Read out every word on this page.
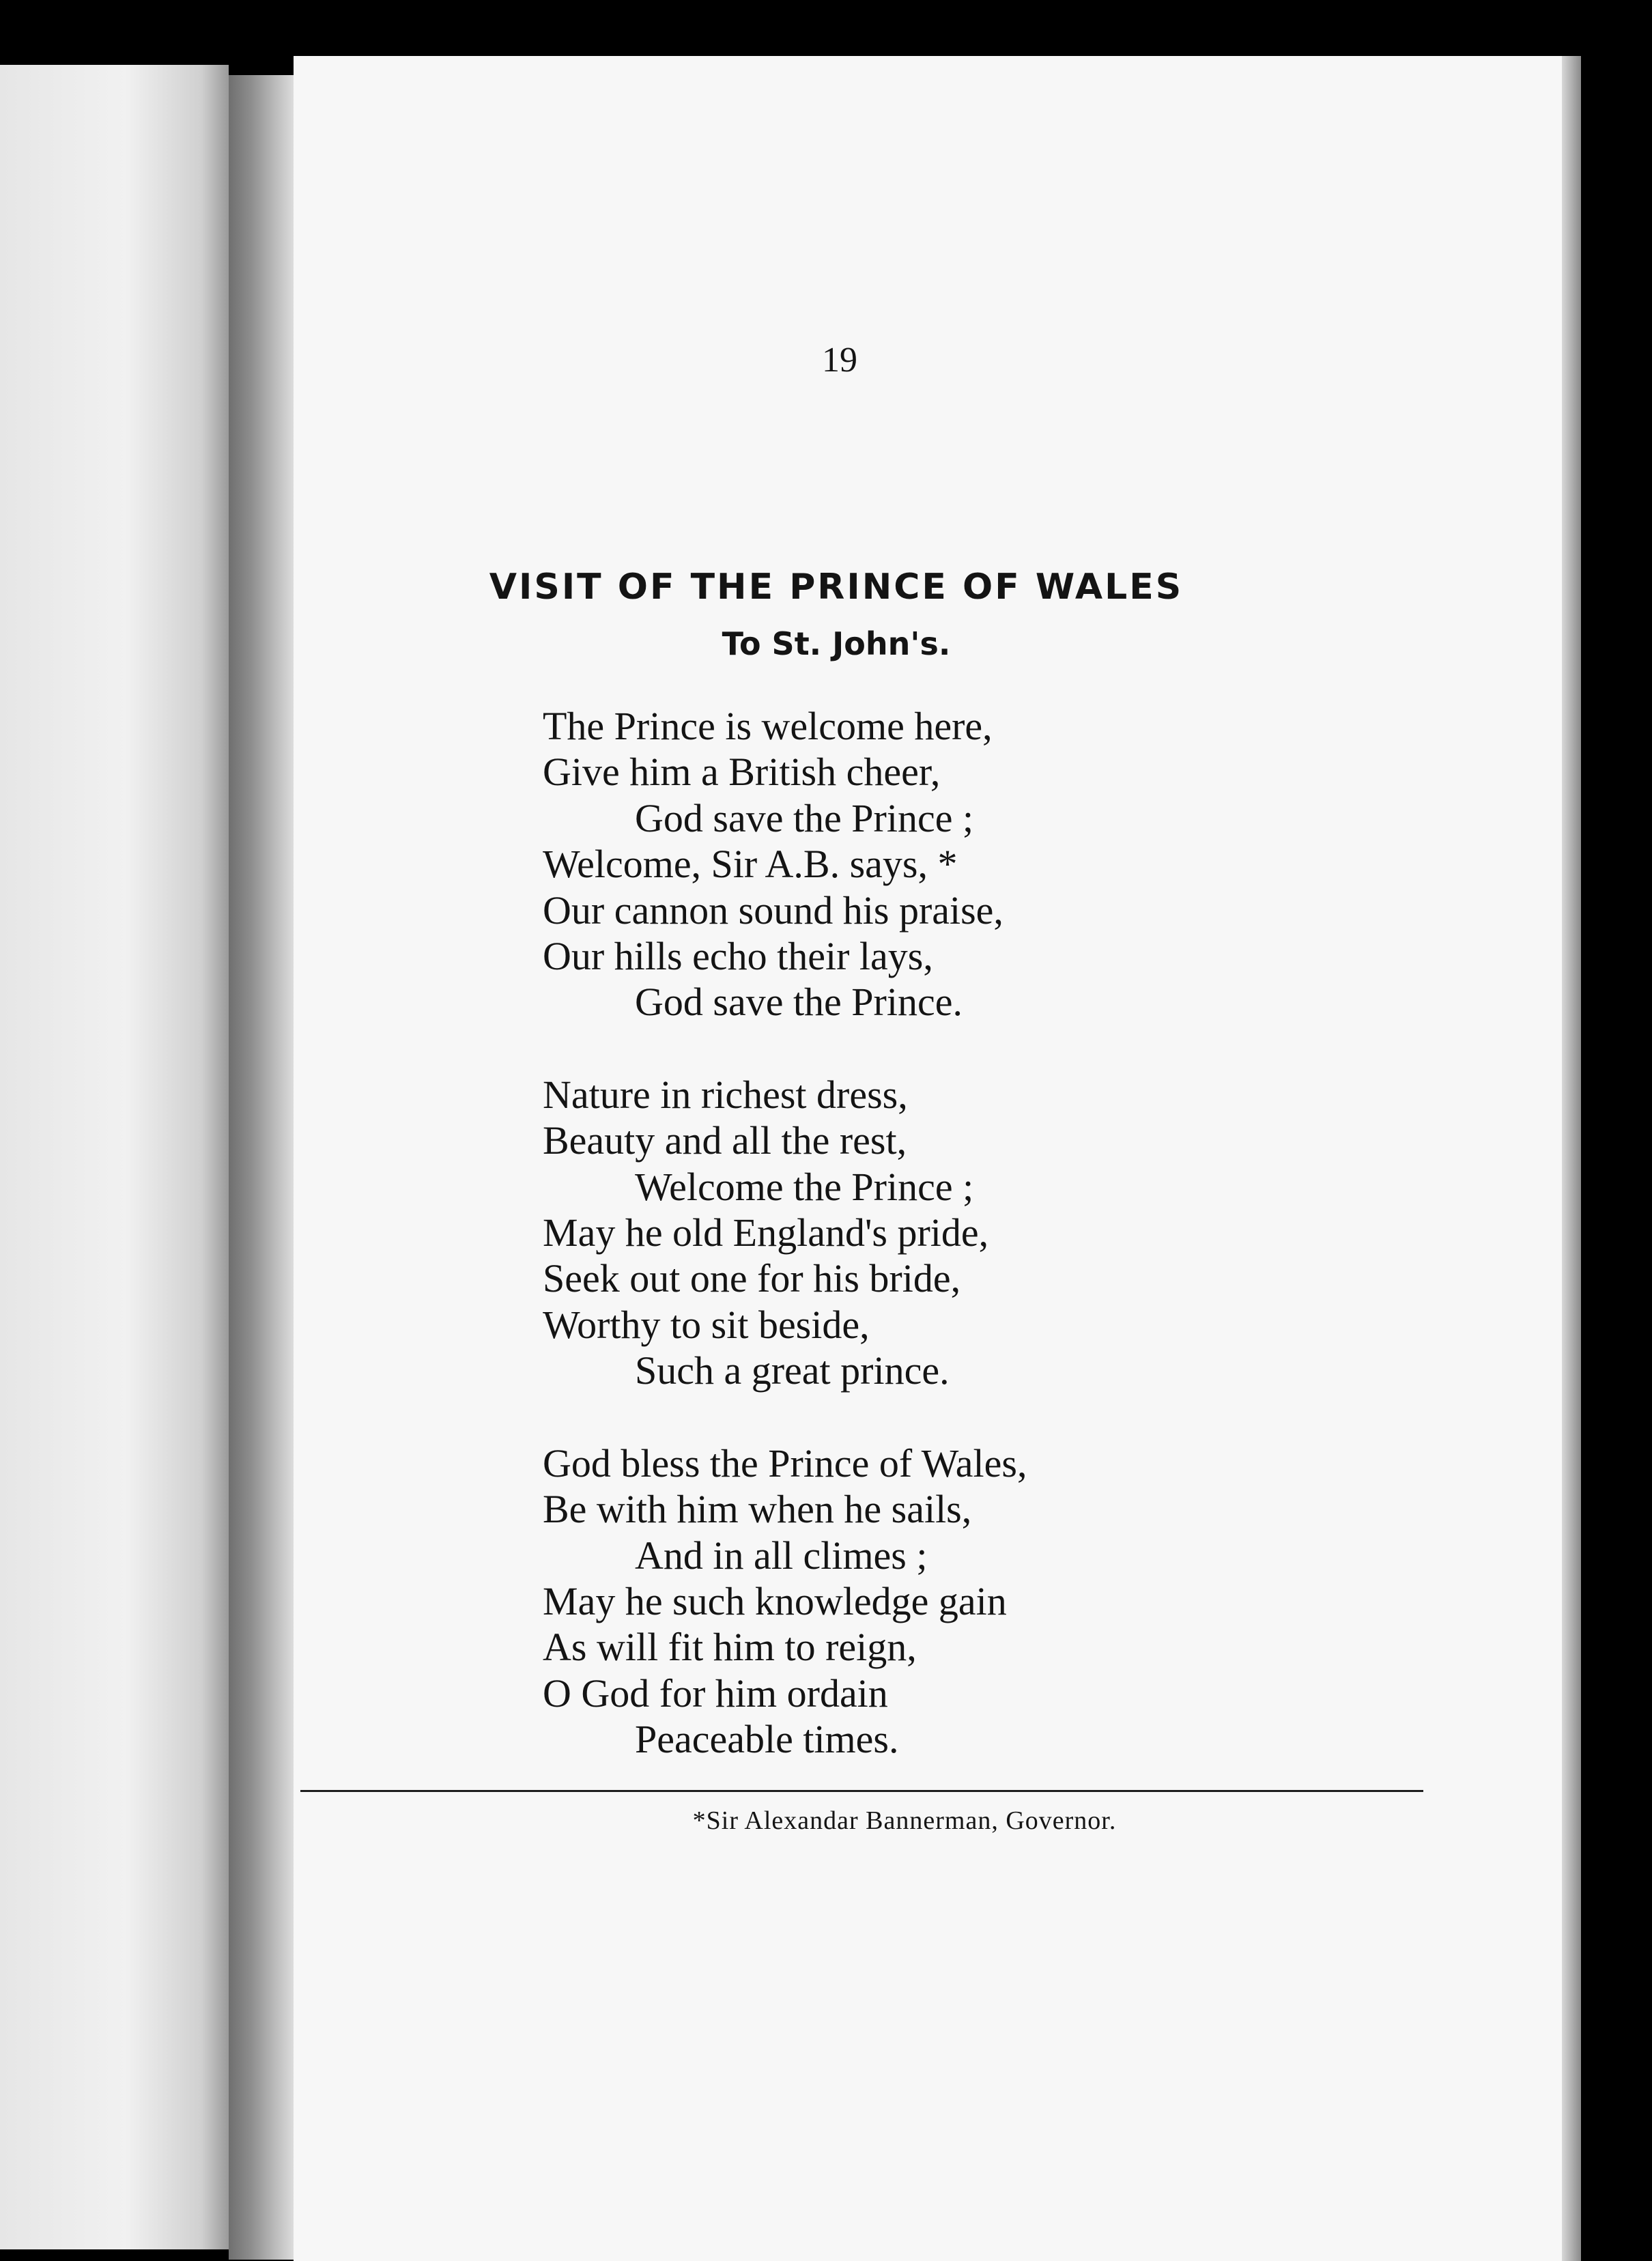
19

VISIT OF THE PRINCE OF WALES
To St. John's.
The Prince is welcome here,
Give him a British cheer,
God save the Prince ;
Welcome, Sir A.B. says, *
Our cannon sound his praise,
Our hills echo their lays,
God save the Prince.
Nature in richest dress,
Beauty and all the rest,
Welcome the Prince ;
May he old England's pride,
Seek out one for his bride,
Worthy to sit beside,
Such a great prince.
God bless the Prince of Wales,
Be with him when he sails,
And in all climes ;
May he such knowledge gain
As will fit him to reign,
O God for him ordain
Peaceable times.

*Sir Alexandar Bannerman, Governor.
